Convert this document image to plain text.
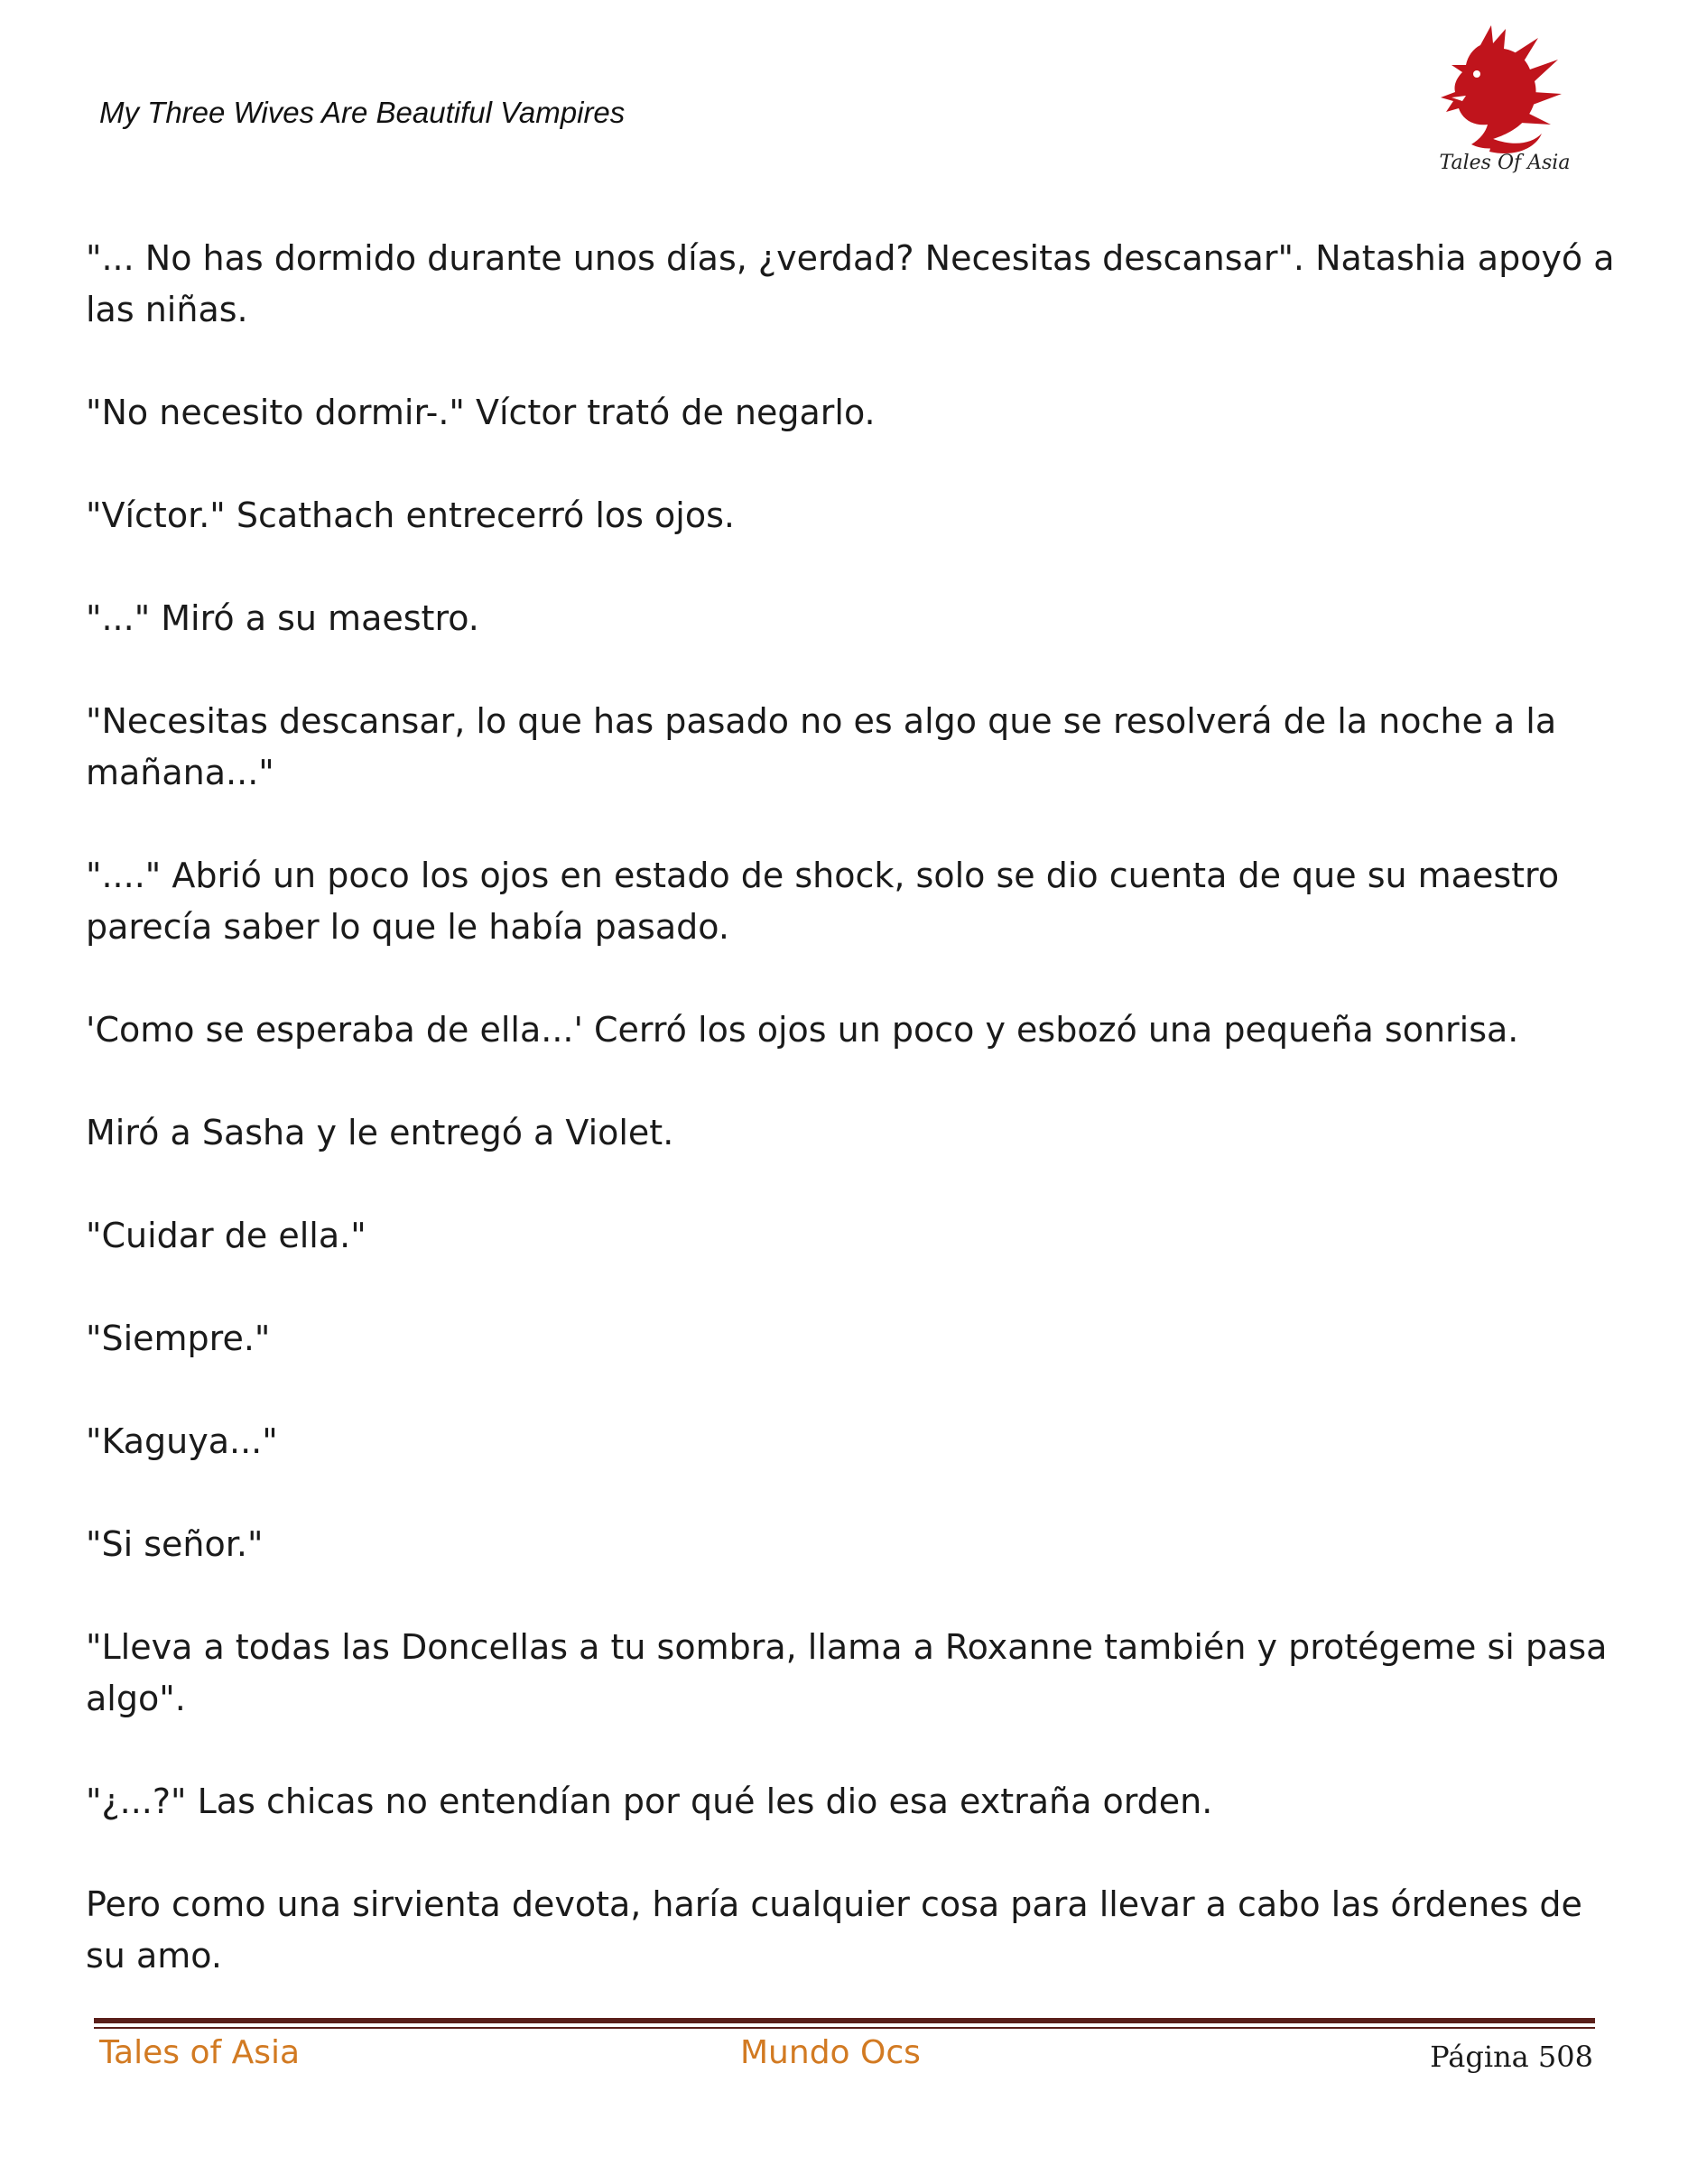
My Three Wives Are Beautiful Vampires
Tales Of Asia

"... No has dormido durante unos días, ¿verdad? Necesitas descansar". Natashia apoyó a las niñas.

"No necesito dormir-." Víctor trató de negarlo.

"Víctor." Scathach entrecerró los ojos.

"..." Miró a su maestro.

"Necesitas descansar, lo que has pasado no es algo que se resolverá de la noche a la mañana..."

"...." Abrió un poco los ojos en estado de shock, solo se dio cuenta de que su maestro parecía saber lo que le había pasado.

'Como se esperaba de ella...' Cerró los ojos un poco y esbozó una pequeña sonrisa.

Miró a Sasha y le entregó a Violet.

"Cuidar de ella."

"Siempre."

"Kaguya..."

"Si señor."

"Lleva a todas las Doncellas a tu sombra, llama a Roxanne también y protégeme si pasa algo".

"¿...?" Las chicas no entendían por qué les dio esa extraña orden.

Pero como una sirvienta devota, haría cualquier cosa para llevar a cabo las órdenes de su amo.

Tales of Asia	Mundo Ocs	Página 508
